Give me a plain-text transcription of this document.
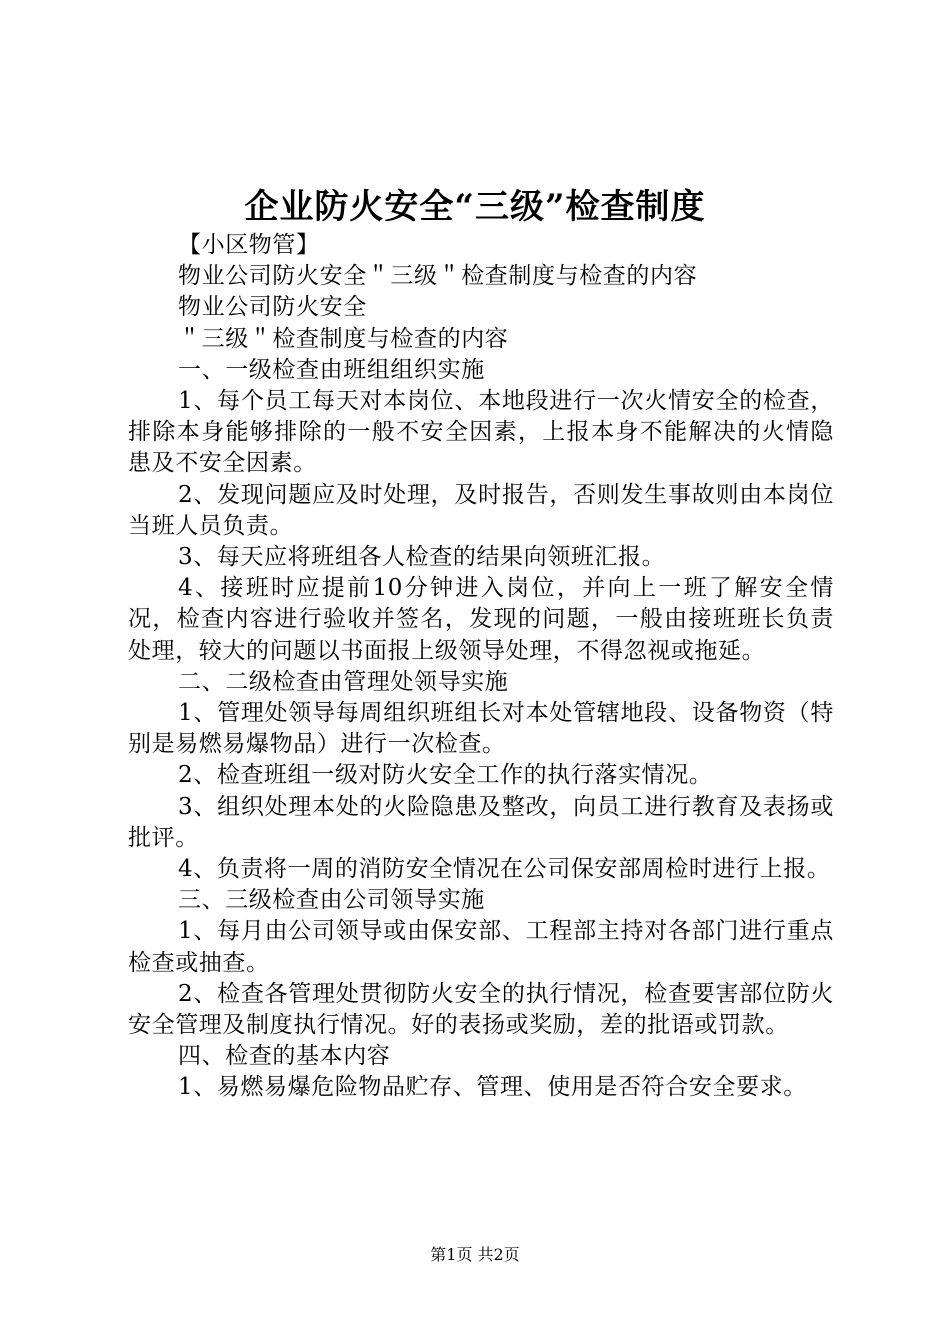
企业防火安全“三级”检查制度

【小区物管】

物业公司防火安全＂三级＂检查制度与检查的内容

物业公司防火安全

＂三级＂检查制度与检查的内容

一、一级检查由班组组织实施

1、每个员工每天对本岗位、本地段进行一次火情安全的检查，排除本身能够排除的一般不安全因素，上报本身不能解决的火情隐患及不安全因素。

2、发现问题应及时处理，及时报告，否则发生事故则由本岗位当班人员负责。

3、每天应将班组各人检查的结果向领班汇报。

4、接班时应提前10分钟进入岗位，并向上一班了解安全情况，检查内容进行验收并签名，发现的问题，一般由接班班长负责处理，较大的问题以书面报上级领导处理，不得忽视或拖延。

二、二级检查由管理处领导实施

1、管理处领导每周组织班组长对本处管辖地段、设备物资（特别是易燃易爆物品）进行一次检查。

2、检查班组一级对防火安全工作的执行落实情况。

3、组织处理本处的火险隐患及整改，向员工进行教育及表扬或批评。

4、负责将一周的消防安全情况在公司保安部周检时进行上报。

三、三级检查由公司领导实施

1、每月由公司领导或由保安部、工程部主持对各部门进行重点检查或抽查。

2、检查各管理处贯彻防火安全的执行情况，检查要害部位防火安全管理及制度执行情况。好的表扬或奖励，差的批语或罚款。

四、检查的基本内容

1、易燃易爆危险物品贮存、管理、使用是否符合安全要求。

第1页 共2页
